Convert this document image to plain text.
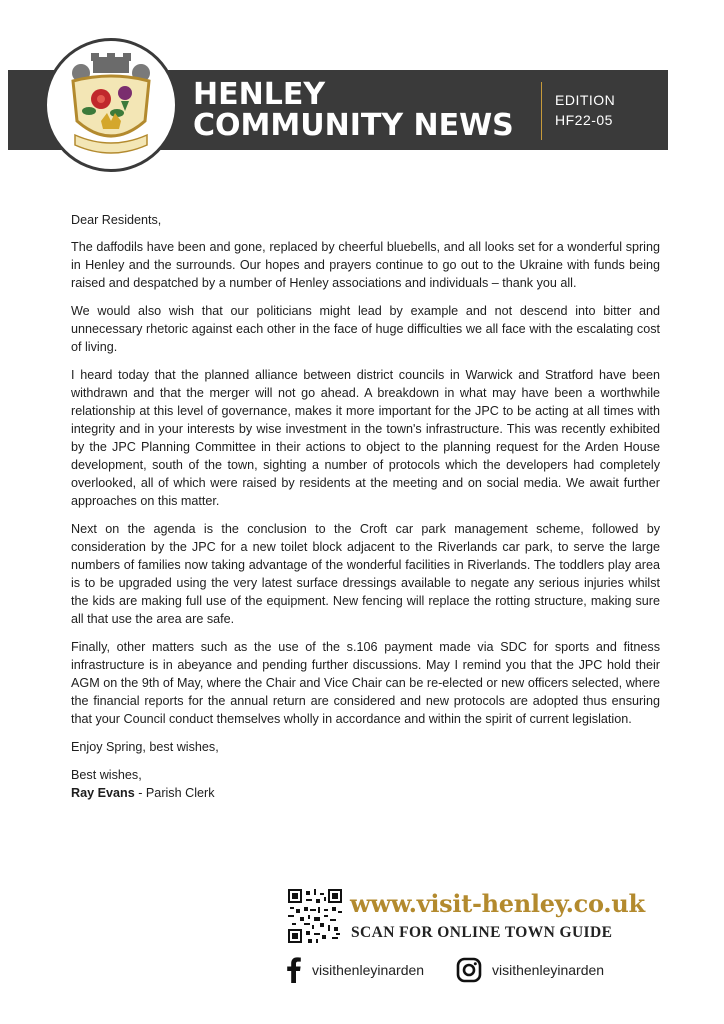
HENLEY
COMMUNITY NEWS
EDITION
HF22-05

Dear Residents,

The daffodils have been and gone, replaced by cheerful bluebells, and all looks set for a wonderful spring in Henley and the surrounds. Our hopes and prayers continue to go out to the Ukraine with funds being raised and despatched by a number of Henley associations and individuals – thank you all.

We would also wish that our politicians might lead by example and not descend into bitter and unnecessary rhetoric against each other in the face of huge difficulties we all face with the escalating cost of living.

I heard today that the planned alliance between district councils in Warwick and Stratford have been withdrawn and that the merger will not go ahead. A breakdown in what may have been a worthwhile relationship at this level of governance, makes it more important for the JPC to be acting at all times with integrity and in your interests by wise investment in the town's infrastructure. This was recently exhibited by the JPC Planning Committee in their actions to object to the planning request for the Arden House development, south of the town, sighting a number of protocols which the developers had completely overlooked, all of which were raised by residents at the meeting and on social media. We await further approaches on this matter.

Next on the agenda is the conclusion to the Croft car park management scheme, followed by consideration by the JPC for a new toilet block adjacent to the Riverlands car park, to serve the large numbers of families now taking advantage of the wonderful facilities in Riverlands. The toddlers play area is to be upgraded using the very latest surface dressings available to negate any serious injuries whilst the kids are making full use of the equipment. New fencing will replace the rotting structure, making sure all that use the area are safe.

Finally, other matters such as the use of the s.106 payment made via SDC for sports and fitness infrastructure is in abeyance and pending further discussions. May I remind you that the JPC hold their AGM on the 9th of May, where the Chair and Vice Chair can be re-elected or new officers selected, where the financial reports for the annual return are considered and new protocols are adopted thus ensuring that your Council conduct themselves wholly in accordance and within the spirit of current legislation.

Enjoy Spring, best wishes,

Best wishes,

Ray Evans - Parish Clerk

www.visit-henley.co.uk
SCAN FOR ONLINE TOWN GUIDE
visithenleyinarden	visithenleyinarden
